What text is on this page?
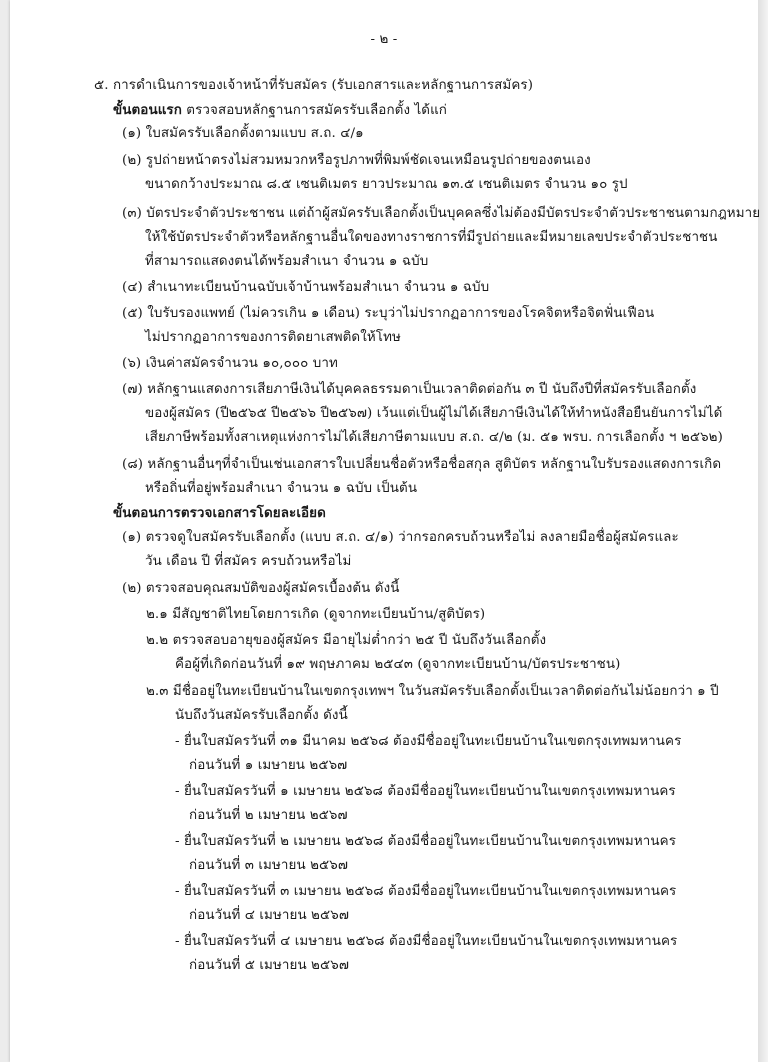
- ๒ -
๕. การดำเนินการของเจ้าหน้าที่รับสมัคร (รับเอกสารและหลักฐานการสมัคร)
ขั้นตอนแรก ตรวจสอบหลักฐานการสมัครรับเลือกตั้ง ได้แก่
(๑) ใบสมัครรับเลือกตั้งตามแบบ ส.ถ. ๔/๑
(๒) รูปถ่ายหน้าตรงไม่สวมหมวกหรือรูปภาพที่พิมพ์ชัดเจนเหมือนรูปถ่ายของตนเอง
ขนาดกว้างประมาณ ๘.๕ เซนติเมตร ยาวประมาณ ๑๓.๕ เซนติเมตร จำนวน ๑๐ รูป
(๓) บัตรประจำตัวประชาชน แต่ถ้าผู้สมัครรับเลือกตั้งเป็นบุคคลซึ่งไม่ต้องมีบัตรประจำตัวประชาชนตามกฎหมาย
ให้ใช้บัตรประจำตัวหรือหลักฐานอื่นใดของทางราชการที่มีรูปถ่ายและมีหมายเลขประจำตัวประชาชน
ที่สามารถแสดงตนได้พร้อมสำเนา จำนวน ๑ ฉบับ
(๔) สำเนาทะเบียนบ้านฉบับเจ้าบ้านพร้อมสำเนา จำนวน ๑ ฉบับ
(๕) ใบรับรองแพทย์ (ไม่ควรเกิน ๑ เดือน) ระบุว่าไม่ปรากฏอาการของโรคจิตหรือจิตฟั่นเฟือน
ไม่ปรากฏอาการของการติดยาเสพติดให้โทษ
(๖) เงินค่าสมัครจำนวน ๑๐,๐๐๐ บาท
(๗) หลักฐานแสดงการเสียภาษีเงินได้บุคคลธรรมดาเป็นเวลาติดต่อกัน ๓ ปี นับถึงปีที่สมัครรับเลือกตั้ง
ของผู้สมัคร (ปี๒๕๖๕ ปี๒๕๖๖ ปี๒๕๖๗) เว้นแต่เป็นผู้ไม่ได้เสียภาษีเงินได้ให้ทำหนังสือยืนยันการไม่ได้
เสียภาษีพร้อมทั้งสาเหตุแห่งการไม่ได้เสียภาษีตามแบบ ส.ถ. ๔/๒ (ม. ๕๑ พรบ. การเลือกตั้ง ฯ ๒๕๖๒)
(๘) หลักฐานอื่นๆที่จำเป็นเช่นเอกสารใบเปลี่ยนชื่อตัวหรือชื่อสกุล สูติบัตร หลักฐานใบรับรองแสดงการเกิด
หรือถิ่นที่อยู่พร้อมสำเนา จำนวน ๑ ฉบับ เป็นต้น
ขั้นตอนการตรวจเอกสารโดยละเอียด
(๑) ตรวจดูใบสมัครรับเลือกตั้ง (แบบ ส.ถ. ๔/๑) ว่ากรอกครบถ้วนหรือไม่ ลงลายมือชื่อผู้สมัครและ
วัน เดือน ปี ที่สมัคร ครบถ้วนหรือไม่
(๒) ตรวจสอบคุณสมบัติของผู้สมัครเบื้องต้น ดังนี้
๒.๑ มีสัญชาติไทยโดยการเกิด (ดูจากทะเบียนบ้าน/สูติบัตร)
๒.๒ ตรวจสอบอายุของผู้สมัคร มีอายุไม่ต่ำกว่า ๒๕ ปี นับถึงวันเลือกตั้ง
คือผู้ที่เกิดก่อนวันที่ ๑๙ พฤษภาคม ๒๕๔๓ (ดูจากทะเบียนบ้าน/บัตรประชาชน)
๒.๓ มีชื่ออยู่ในทะเบียนบ้านในเขตกรุงเทพฯ ในวันสมัครรับเลือกตั้งเป็นเวลาติดต่อกันไม่น้อยกว่า ๑ ปี
นับถึงวันสมัครรับเลือกตั้ง ดังนี้
- ยื่นใบสมัครวันที่ ๓๑ มีนาคม ๒๕๖๘ ต้องมีชื่ออยู่ในทะเบียนบ้านในเขตกรุงเทพมหานคร
ก่อนวันที่ ๑ เมษายน ๒๕๖๗
- ยื่นใบสมัครวันที่ ๑ เมษายน ๒๕๖๘ ต้องมีชื่ออยู่ในทะเบียนบ้านในเขตกรุงเทพมหานคร
ก่อนวันที่ ๒ เมษายน ๒๕๖๗
- ยื่นใบสมัครวันที่ ๒ เมษายน ๒๕๖๘ ต้องมีชื่ออยู่ในทะเบียนบ้านในเขตกรุงเทพมหานคร
ก่อนวันที่ ๓ เมษายน ๒๕๖๗
- ยื่นใบสมัครวันที่ ๓ เมษายน ๒๕๖๘ ต้องมีชื่ออยู่ในทะเบียนบ้านในเขตกรุงเทพมหานคร
ก่อนวันที่ ๔ เมษายน ๒๕๖๗
- ยื่นใบสมัครวันที่ ๔ เมษายน ๒๕๖๘ ต้องมีชื่ออยู่ในทะเบียนบ้านในเขตกรุงเทพมหานคร
ก่อนวันที่ ๕ เมษายน ๒๕๖๗
